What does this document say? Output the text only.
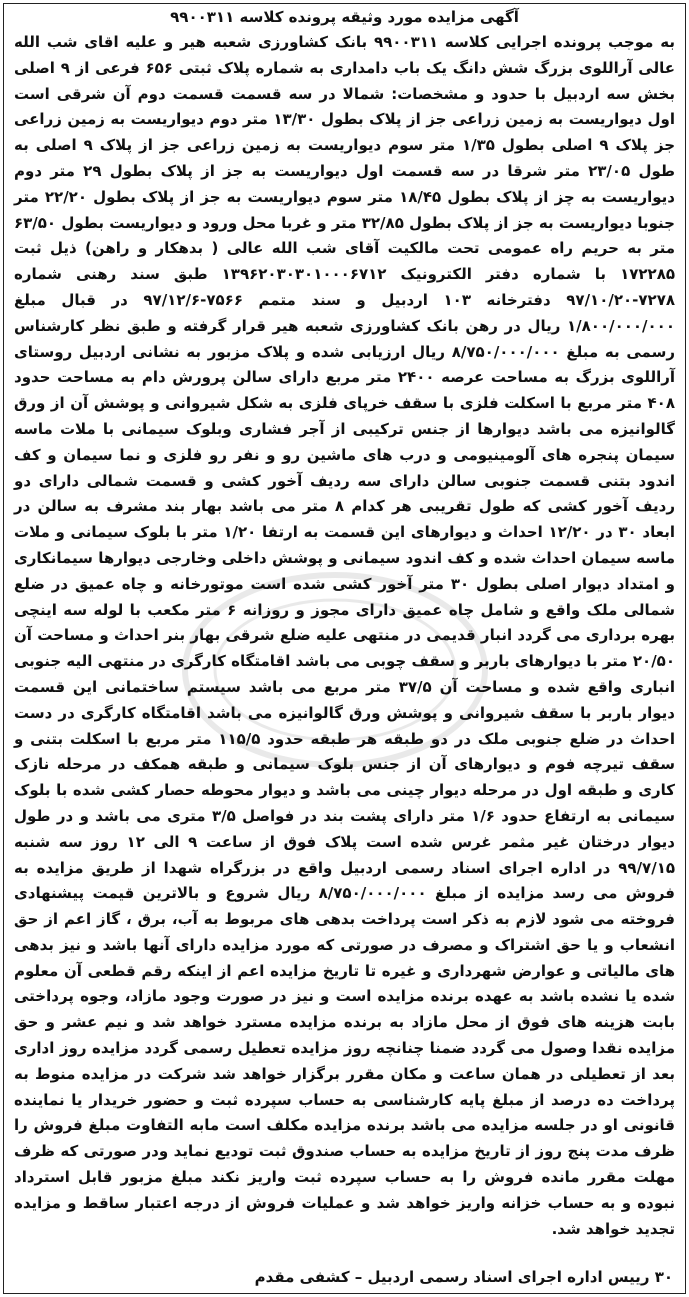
آگهی مزایده مورد وثیقه پرونده کلاسه ۹۹۰۰۳۱۱

به موجب پرونده اجرایی کلاسه ۹۹۰۰۳۱۱ بانک کشاورزی شعبه هیر و علیه اقای شب الله عالی آراللوی بزرگ شش دانگ یک باب دامداری به شماره پلاک ثبتی ۶۵۶ فرعی از ۹ اصلی بخش سه اردبیل با حدود و مشخصات: شمالا در سه قسمت قسمت دوم آن شرقی است اول دیواریست به زمین زراعی جز از پلاک بطول ۱۳/۳۰ متر دوم دیواریست به زمین زراعی جز پلاک ۹ اصلی بطول ۱/۳۵ متر سوم دیواریست به زمین زراعی جز از پلاک ۹ اصلی به طول ۲۳/۰۵ متر شرقا در سه قسمت اول دیواریست به جز از پلاک بطول ۲۹ متر دوم دیواریست به چز از پلاک بطول ۱۸/۴۵ متر سوم دیواریست به جز از پلاک بطول ۲۲/۲۰ متر جنوبا دیواریست به جز از پلاک بطول ۳۲/۸۵ متر و غربا محل ورود و دیواریست بطول ۶۳/۵۰ متر به حریم راه عمومی تحت مالکیت آقای شب الله عالی ( بدهکار و راهن) ذیل ثبت ۱۷۲۲۸۵ با شماره دفتر الکترونیک ۱۳۹۶۲۰۳۰۳۰۱۰۰۰۶۷۱۲ طبق سند رهنی شماره ۷۲۷۸-۹۷/۱۰/۲۰ دفترخانه ۱۰۳ اردبیل و سند متمم ۷۵۶۶-۹۷/۱۲/۶ در قبال مبلغ ۱/۸۰۰/۰۰۰/۰۰۰ ریال در رهن بانک کشاورزی شعبه هیر قرار گرفته و طبق نظر کارشناس رسمی به مبلغ ۸/۷۵۰/۰۰۰/۰۰۰ ریال ارزیابی شده و پلاک مزبور به نشانی اردبیل روستای آراللوی بزرگ به مساحت عرصه ۲۴۰۰ متر مربع دارای سالن پرورش دام به مساحت حدود ۴۰۸ متر مربع با اسکلت فلزی با سقف خرپای فلزی به شکل شیروانی و پوشش آن از ورق گالوانیزه می باشد دیوارها از جنس ترکیبی از آجر فشاری وبلوک سیمانی با ملات ماسه سیمان پنجره های آلومینیومی و درب های ماشین رو و نفر رو فلزی و نما سیمان و کف اندود بتنی قسمت جنوبی سالن دارای سه ردیف آخور کشی و قسمت شمالی دارای دو ردیف آخور کشی که طول تقریبی هر کدام ۸ متر می باشد بهار بند مشرف به سالن در ابعاد ۳۰ در ۱۲/۲۰ احداث و دیوارهای این قسمت به ارتفا ۱/۲۰ متر با بلوک سیمانی و ملات ماسه سیمان احداث شده و کف اندود سیمانی و پوشش داخلی وخارجی دیوارها سیمانکاری و امتداد دیوار اصلی بطول ۳۰ متر آخور کشی شده است موتورخانه و چاه عمیق در ضلع شمالی ملک واقع و شامل چاه عمیق دارای مجوز و روزانه ۶ متر مکعب با لوله سه اینچی بهره برداری می گردد انبار قدیمی در منتهی علیه ضلع شرقی بهار بنر احداث و مساحت آن ۲۰/۵۰ متر با دیوارهای باربر و سقف چوبی می باشد اقامتگاه کارگری در منتهی الیه جنوبی انباری واقع شده و مساحت آن ۳۷/۵ متر مربع می باشد سیستم ساختمانی این قسمت دیوار باربر با سقف شیروانی و پوشش ورق گالوانیزه می باشد اقامتگاه کارگری در دست احداث در ضلع جنوبی ملک در دو طبقه هر طبقه حدود ۱۱۵/۵ متر مربع با اسکلت بتنی و سقف تیرچه فوم و دیوارهای آن از جنس بلوک سیمانی و طبقه همکف در مرحله نازک کاری و طبقه اول در مرحله دیوار چینی می باشد و دیوار محوطه حصار کشی شده با بلوک سیمانی به ارتفاع حدود ۱/۶ متر دارای پشت بند در فواصل ۳/۵ متری می باشد و در طول دیوار درختان غیر مثمر غرس شده است پلاک فوق از ساعت ۹ الی ۱۲ روز سه شنبه ۹۹/۷/۱۵ در اداره اجرای اسناد رسمی اردبیل واقع در بزرگراه شهدا از طریق مزایده به فروش می رسد مزایده از مبلغ ۸/۷۵۰/۰۰۰/۰۰۰ ریال شروع و بالاترین قیمت پیشنهادی فروخته می شود لازم به ذکر است پرداخت بدهی های مربوط به آب، برق ، گاز اعم از حق انشعاب و یا حق اشتراک و مصرف در صورتی که مورد مزایده دارای آنها باشد و نیز بدهی های مالیاتی و عوارض شهرداری و غیره تا تاریخ مزایده اعم از اینکه رقم قطعی آن معلوم شده یا نشده باشد به عهده برنده مزایده است و نیز در صورت وجود مازاد، وجوه پرداختی بابت هزینه های فوق از محل مازاد به برنده مزایده مسترد خواهد شد و نیم عشر و حق مزایده نقدا وصول می گردد ضمنا چنانچه روز مزایده تعطیل رسمی گردد مزایده روز اداری بعد از تعطیلی در همان ساعت و مکان مقرر برگزار خواهد شد شرکت در مزایده منوط به پرداخت ده درصد از مبلغ پایه کارشناسی به حساب سپرده ثبت و حضور خریدار یا نماینده قانونی او در جلسه مزایده می باشد برنده مزایده مکلف است مابه التفاوت مبلغ فروش را ظرف مدت پنج روز از تاریخ مزایده به حساب صندوق ثبت تودیع نماید ودر صورتی که ظرف مهلت مقرر مانده فروش را به حساب سپرده ثبت واریز نکند مبلغ مزبور قابل استرداد نبوده و به حساب خزانه واریز خواهد شد و عملیات فروش از درجه اعتبار ساقط و مزایده تجدید خواهد شد.

۳۰ رییس اداره اجرای اسناد رسمی اردبیل – کشفی مقدم
